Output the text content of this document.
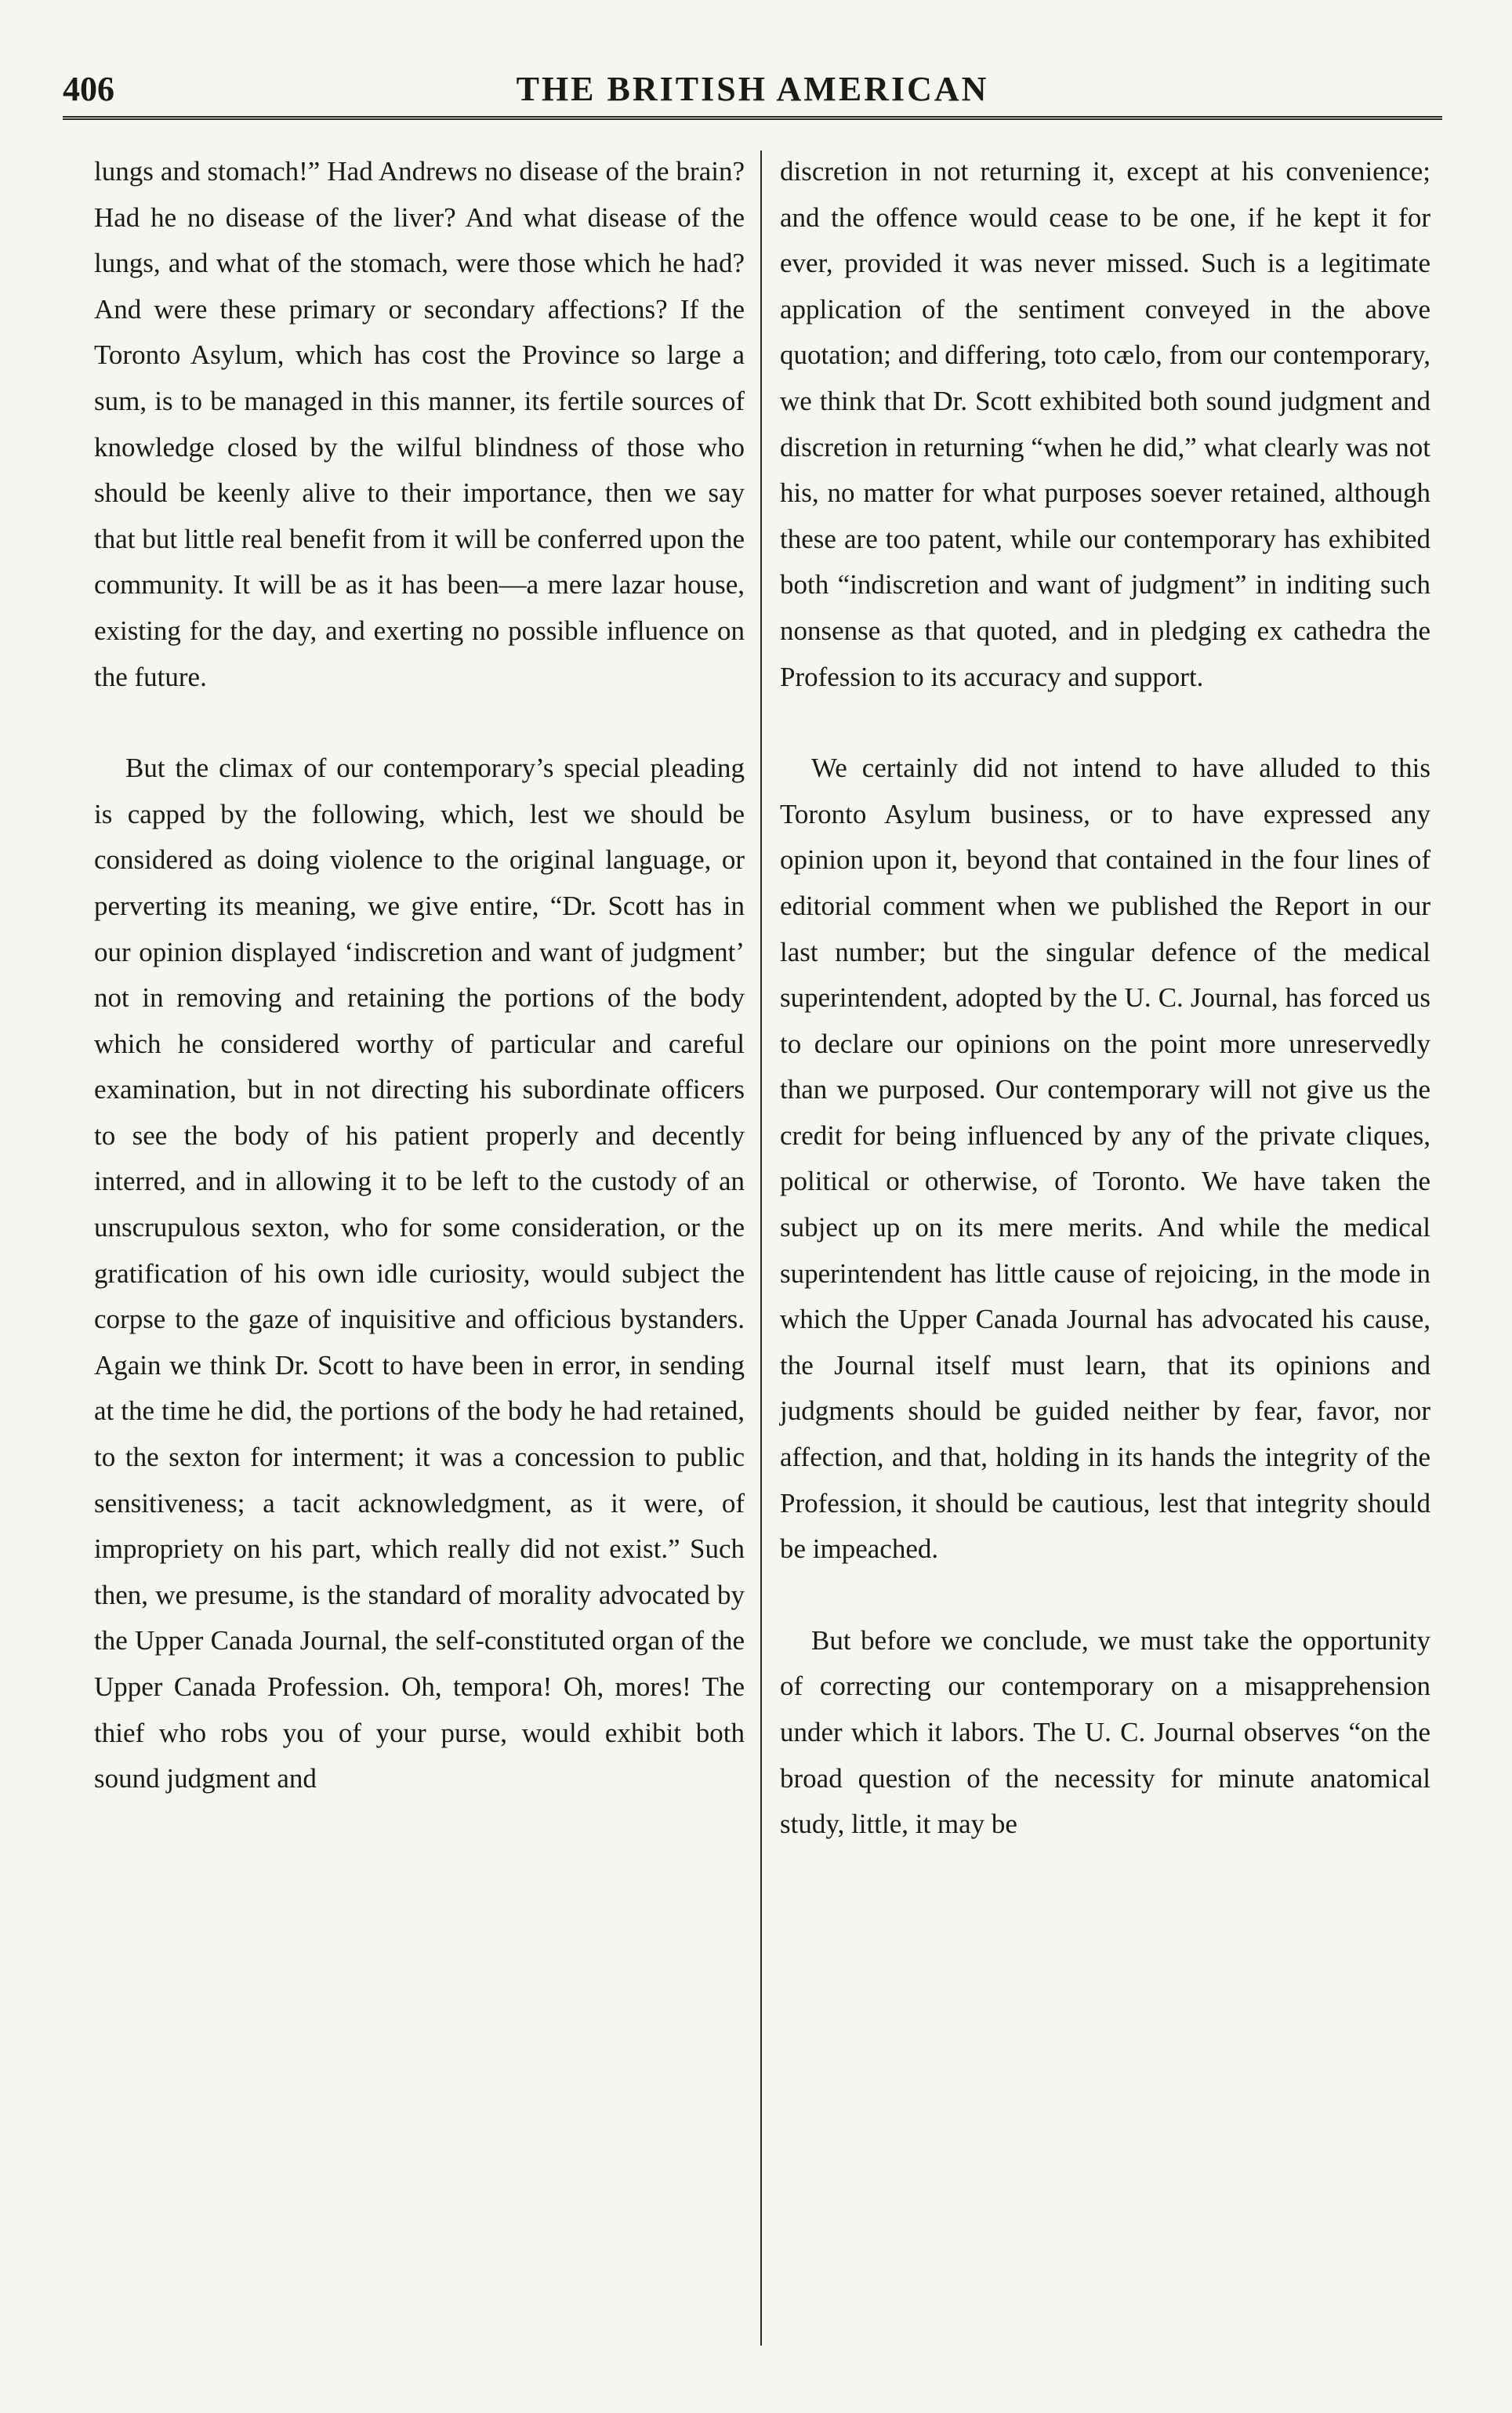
406	THE BRITISH AMERICAN

lungs and stomach!” Had Andrews no disease of the brain? Had he no disease of the liver? And what disease of the lungs, and what of the stomach, were those which he had? And were these primary or secondary affections? If the Toronto Asylum, which has cost the Province so large a sum, is to be managed in this manner, its fertile sources of knowledge closed by the wilful blindness of those who should be keenly alive to their importance, then we say that but little real benefit from it will be conferred upon the community. It will be as it has been—a mere lazar house, existing for the day, and exerting no possible influence on the future.

But the climax of our contemporary’s special pleading is capped by the following, which, lest we should be considered as doing violence to the original language, or perverting its meaning, we give entire, “Dr. Scott has in our opinion displayed ‘indiscretion and want of judgment’ not in removing and retaining the portions of the body which he considered worthy of particular and careful examination, but in not directing his subordinate officers to see the body of his patient properly and decently interred, and in allowing it to be left to the custody of an unscrupulous sexton, who for some consideration, or the gratification of his own idle curiosity, would subject the corpse to the gaze of inquisitive and officious bystanders. Again we think Dr. Scott to have been in error, in sending at the time he did, the portions of the body he had retained, to the sexton for interment; it was a concession to public sensitiveness; a tacit acknowledgment, as it were, of impropriety on his part, which really did not exist.” Such then, we presume, is the standard of morality advocated by the Upper Canada Journal, the self-constituted organ of the Upper Canada Profession. Oh, tempora! Oh, mores! The thief who robs you of your purse, would exhibit both sound judgment and

discretion in not returning it, except at his convenience; and the offence would cease to be one, if he kept it for ever, provided it was never missed. Such is a legitimate application of the sentiment conveyed in the above quotation; and differing, toto cælo, from our contemporary, we think that Dr. Scott exhibited both sound judgment and discretion in returning “when he did,” what clearly was not his, no matter for what purposes soever retained, although these are too patent, while our contemporary has exhibited both “indiscretion and want of judgment” in inditing such nonsense as that quoted, and in pledging ex cathedra the Profession to its accuracy and support.

We certainly did not intend to have alluded to this Toronto Asylum business, or to have expressed any opinion upon it, beyond that contained in the four lines of editorial comment when we published the Report in our last number; but the singular defence of the medical superintendent, adopted by the U. C. Journal, has forced us to declare our opinions on the point more unreservedly than we purposed. Our contemporary will not give us the credit for being influenced by any of the private cliques, political or otherwise, of Toronto. We have taken the subject up on its mere merits. And while the medical superintendent has little cause of rejoicing, in the mode in which the Upper Canada Journal has advocated his cause, the Journal itself must learn, that its opinions and judgments should be guided neither by fear, favor, nor affection, and that, holding in its hands the integrity of the Profession, it should be cautious, lest that integrity should be impeached.

But before we conclude, we must take the opportunity of correcting our contemporary on a misapprehension under which it labors. The U. C. Journal observes “on the broad question of the necessity for minute anatomical study, little, it may be
